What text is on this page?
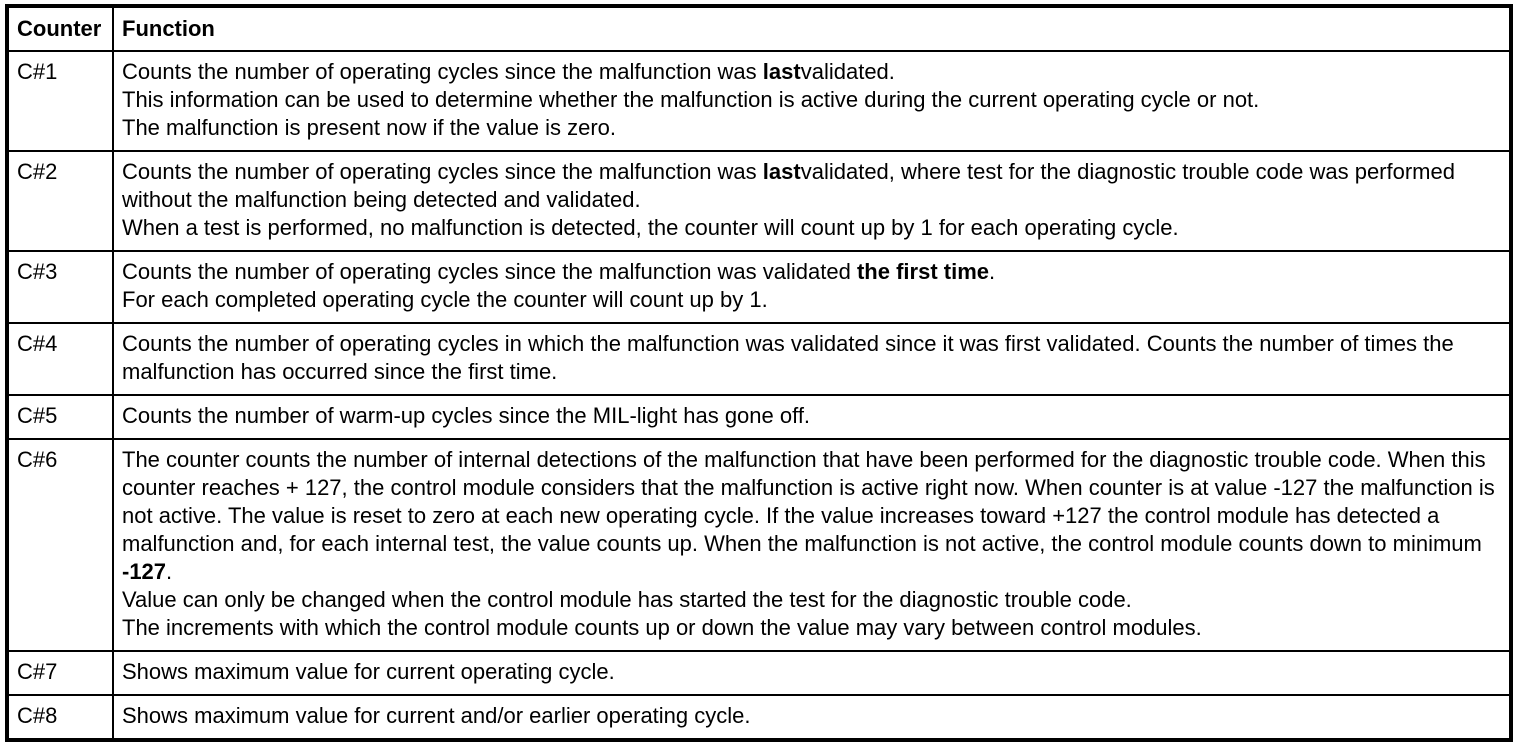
Counter	Function
C#1	Counts the number of operating cycles since the malfunction was lastvalidated.
This information can be used to determine whether the malfunction is active during the current operating cycle or not.
The malfunction is present now if the value is zero.

C#2	Counts the number of operating cycles since the malfunction was lastvalidated, where test for the diagnostic trouble code was performed without the malfunction being detected and validated.
When a test is performed, no malfunction is detected, the counter will count up by 1 for each operating cycle.

C#3	Counts the number of operating cycles since the malfunction was validated the first time.
For each completed operating cycle the counter will count up by 1.

C#4	Counts the number of operating cycles in which the malfunction was validated since it was first validated. Counts the number of times the malfunction has occurred since the first time.

C#5	Counts the number of warm-up cycles since the MIL-light has gone off.

C#6	The counter counts the number of internal detections of the malfunction that have been performed for the diagnostic trouble code. When this counter reaches + 127, the control module considers that the malfunction is active right now. When counter is at value -127 the malfunction is not active. The value is reset to zero at each new operating cycle. If the value increases toward +127 the control module has detected a malfunction and, for each internal test, the value counts up. When the malfunction is not active, the control module counts down to minimum -127.
Value can only be changed when the control module has started the test for the diagnostic trouble code.
The increments with which the control module counts up or down the value may vary between control modules.

C#7	Shows maximum value for current operating cycle.

C#8	Shows maximum value for current and/or earlier operating cycle.
